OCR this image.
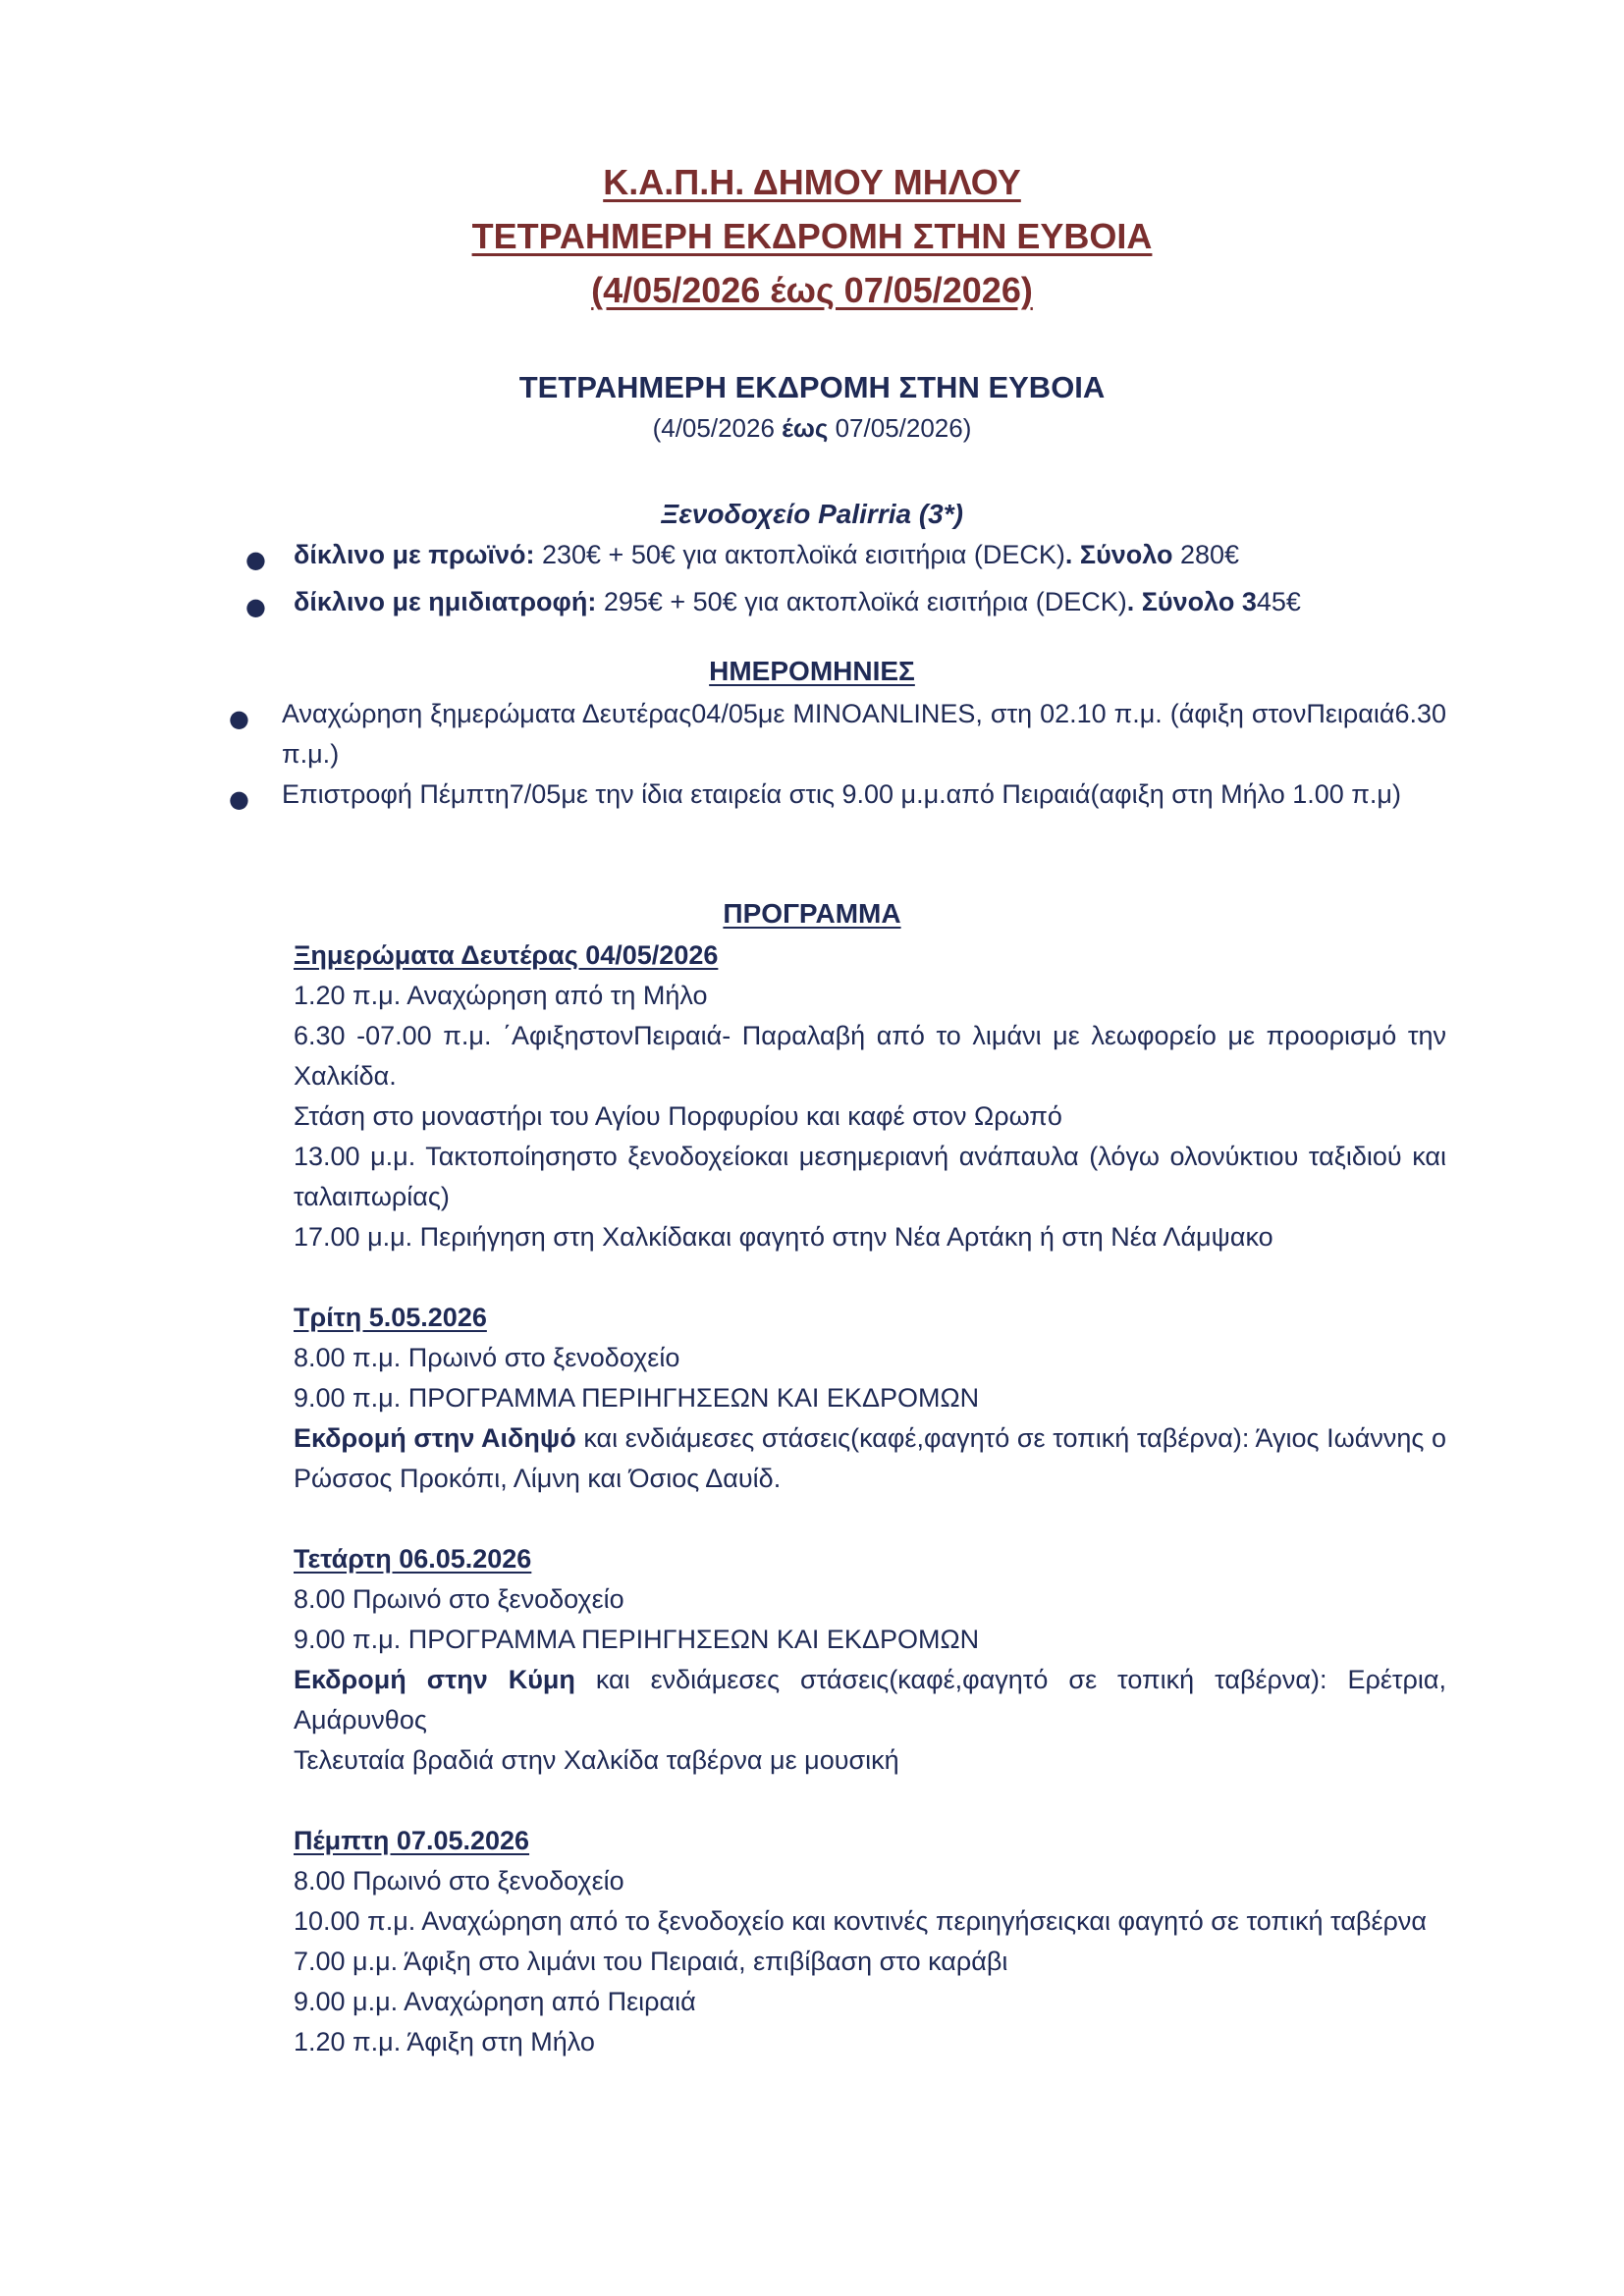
Κ.Α.Π.Η. ΔΗΜΟΥ ΜΗΛΟΥ
ΤΕΤΡΑΗΜΕΡΗ ΕΚΔΡΟΜΗ ΣΤΗΝ ΕΥΒΟΙΑ
(4/05/2026 έως 07/05/2026)
ΤΕΤΡΑΗΜΕΡΗ ΕΚΔΡΟΜΗ ΣΤΗΝ ΕΥΒΟΙΑ
(4/05/2026 έως 07/05/2026)
Ξενοδοχείο Palirria (3*)
● δίκλινο με πρωϊνό: 230€ + 50€ για ακτοπλοϊκά εισιτήρια (DECK). Σύνολο 280€
● δίκλινο με ημιδιατροφή: 295€ + 50€ για ακτοπλοϊκά εισιτήρια (DECK). Σύνολο 345€
ΗΜΕΡΟΜΗΝΙΕΣ
● Αναχώρηση ξημερώματα Δευτέρας04/05με MINOANLINES, στη 02.10 π.μ. (άφιξη στονΠειραιά6.30 π.μ.)
● Επιστροφή Πέμπτη7/05με την ίδια εταιρεία στις 9.00 μ.μ.από Πειραιά(αφιξη στη Μήλο 1.00 π.μ)
ΠΡΟΓΡΑΜΜΑ
Ξημερώματα Δευτέρας 04/05/2026
1.20 π.μ. Αναχώρηση από τη Μήλο
6.30 -07.00 π.μ. ΄ΑφιξηστονΠειραιά- Παραλαβή από το λιμάνι με λεωφορείο με προορισμό την Χαλκίδα.
Στάση στο μοναστήρι του Αγίου Πορφυρίου και καφέ στον Ωρωπό
13.00 μ.μ. Τακτοποίησηστο ξενοδοχείοκαι μεσημεριανή ανάπαυλα (λόγω ολονύκτιου ταξιδιού και ταλαιπωρίας)
17.00 μ.μ. Περιήγηση στη Χαλκίδακαι φαγητό στην Νέα Αρτάκη ή στη Νέα Λάμψακο
Τρίτη 5.05.2026
8.00 π.μ. Πρωινό στο ξενοδοχείο
9.00 π.μ. ΠΡΟΓΡΑΜΜΑ ΠΕΡΙΗΓΗΣΕΩΝ ΚΑΙ ΕΚΔΡΟΜΩΝ
Εκδρομή στην Αιδηψό και ενδιάμεσες στάσεις(καφέ,φαγητό σε τοπική ταβέρνα): Άγιος Ιωάννης ο Ρώσσος Προκόπι, Λίμνη και Όσιος Δαυίδ.
Τετάρτη 06.05.2026
8.00 Πρωινό στο ξενοδοχείο
9.00 π.μ. ΠΡΟΓΡΑΜΜΑ ΠΕΡΙΗΓΗΣΕΩΝ ΚΑΙ ΕΚΔΡΟΜΩΝ
Εκδρομή στην Κύμη και ενδιάμεσες στάσεις(καφέ,φαγητό σε τοπική ταβέρνα): Ερέτρια, Αμάρυνθος
Τελευταία βραδιά στην Χαλκίδα ταβέρνα με μουσική
Πέμπτη 07.05.2026
8.00 Πρωινό στο ξενοδοχείο
10.00 π.μ. Αναχώρηση από το ξενοδοχείο και κοντινές περιηγήσειςκαι φαγητό σε τοπική ταβέρνα
7.00 μ.μ. Άφιξη στο λιμάνι του Πειραιά, επιβίβαση στο καράβι
9.00 μ.μ. Αναχώρηση από Πειραιά
1.20 π.μ. Άφιξη στη Μήλο
